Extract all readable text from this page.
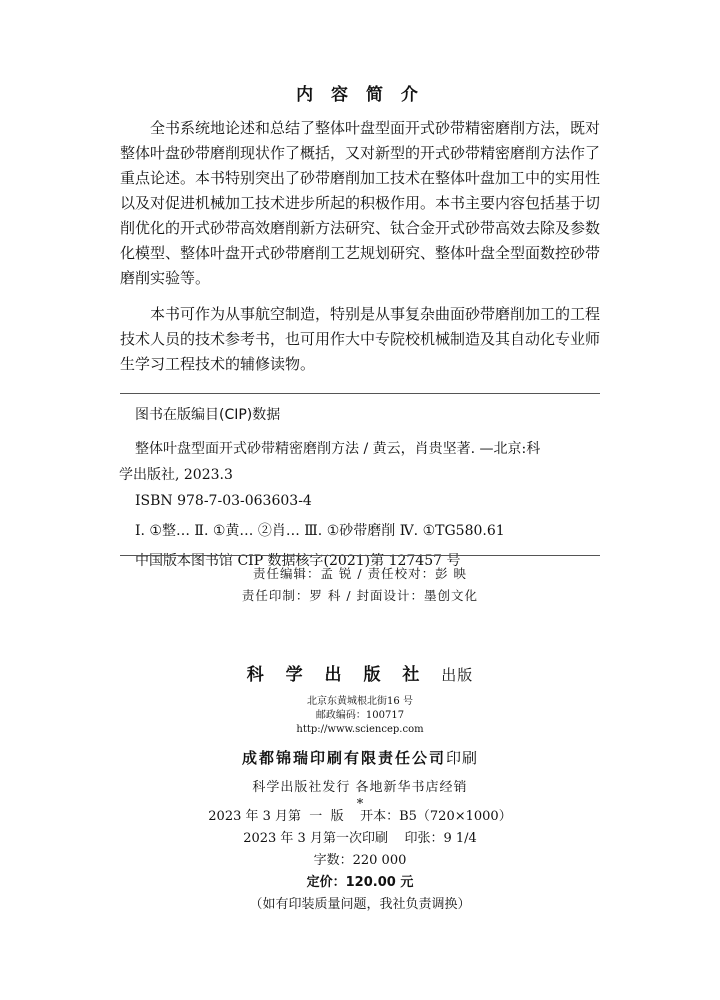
内 容 简 介

全书系统地论述和总结了整体叶盘型面开式砂带精密磨削方法，既对整体叶盘砂带磨削现状作了概括，又对新型的开式砂带精密磨削方法作了重点论述。本书特别突出了砂带磨削加工技术在整体叶盘加工中的实用性以及对促进机械加工技术进步所起的积极作用。本书主要内容包括基于切削优化的开式砂带高效磨削新方法研究、钛合金开式砂带高效去除及参数化模型、整体叶盘开式砂带磨削工艺规划研究、整体叶盘全型面数控砂带磨削实验等。

本书可作为从事航空制造，特别是从事复杂曲面砂带磨削加工的工程技术人员的技术参考书，也可用作大中专院校机械制造及其自动化专业师生学习工程技术的辅修读物。

图书在版编目(CIP)数据
整体叶盘型面开式砂带精密磨削方法 / 黄云，肖贵坚著. —北京:科
学出版社, 2023.3
ISBN 978-7-03-063603-4
Ⅰ. ①整… Ⅱ. ①黄… ②肖… Ⅲ. ①砂带磨削 Ⅳ. ①TG580.61
中国版本图书馆 CIP 数据核字(2021)第 127457 号
责任编辑：孟 锐 / 责任校对：彭 映
责任印制：罗 科 / 封面设计：墨创文化
科 学 出 版 社 出版
北京东黄城根北街16 号
邮政编码：100717
http://www.sciencep.com
成都锦瑞印刷有限责任公司印刷
科学出版社发行 各地新华书店经销
*
2023 年 3 月第  一  版    开本：B5（720×1000）
2023 年 3 月第一次印刷    印张：9 1/4
字数：220 000
定价：120.00 元
（如有印装质量问题，我社负责调换）
